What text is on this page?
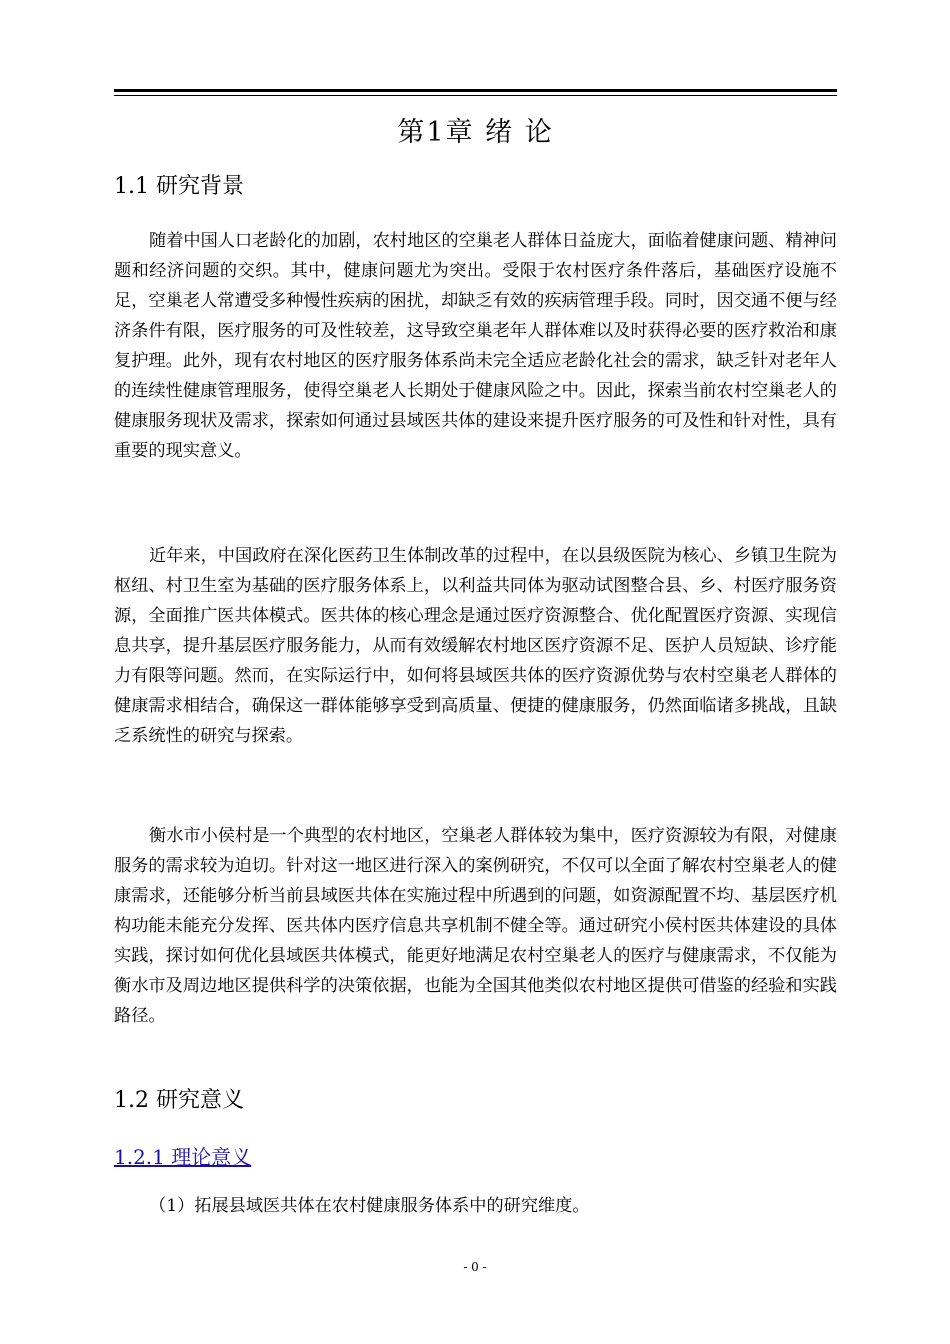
第1章 绪 论
1.1 研究背景

随着中国人口老龄化的加剧，农村地区的空巢老人群体日益庞大，面临着健康问题、精神问题和经济问题的交织。其中，健康问题尤为突出。受限于农村医疗条件落后，基础医疗设施不足，空巢老人常遭受多种慢性疾病的困扰，却缺乏有效的疾病管理手段。同时，因交通不便与经济条件有限，医疗服务的可及性较差，这导致空巢老年人群体难以及时获得必要的医疗救治和康复护理。此外，现有农村地区的医疗服务体系尚未完全适应老龄化社会的需求，缺乏针对老年人的连续性健康管理服务，使得空巢老人长期处于健康风险之中。因此，探索当前农村空巢老人的健康服务现状及需求，探索如何通过县域医共体的建设来提升医疗服务的可及性和针对性，具有重要的现实意义。

近年来，中国政府在深化医药卫生体制改革的过程中，在以县级医院为核心、乡镇卫生院为枢纽、村卫生室为基础的医疗服务体系上，以利益共同体为驱动试图整合县、乡、村医疗服务资源，全面推广医共体模式。医共体的核心理念是通过医疗资源整合、优化配置医疗资源、实现信息共享，提升基层医疗服务能力，从而有效缓解农村地区医疗资源不足、医护人员短缺、诊疗能力有限等问题。然而，在实际运行中，如何将县域医共体的医疗资源优势与农村空巢老人群体的健康需求相结合，确保这一群体能够享受到高质量、便捷的健康服务，仍然面临诸多挑战，且缺乏系统性的研究与探索。

衡水市小侯村是一个典型的农村地区，空巢老人群体较为集中，医疗资源较为有限，对健康服务的需求较为迫切。针对这一地区进行深入的案例研究，不仅可以全面了解农村空巢老人的健康需求，还能够分析当前县域医共体在实施过程中所遇到的问题，如资源配置不均、基层医疗机构功能未能充分发挥、医共体内医疗信息共享机制不健全等。通过研究小侯村医共体建设的具体实践，探讨如何优化县域医共体模式，能更好地满足农村空巢老人的医疗与健康需求，不仅能为衡水市及周边地区提供科学的决策依据，也能为全国其他类似农村地区提供可借鉴的经验和实践路径。

1.2 研究意义
1.2.1 理论意义
（1）拓展县域医共体在农村健康服务体系中的研究维度。
- 0 -
